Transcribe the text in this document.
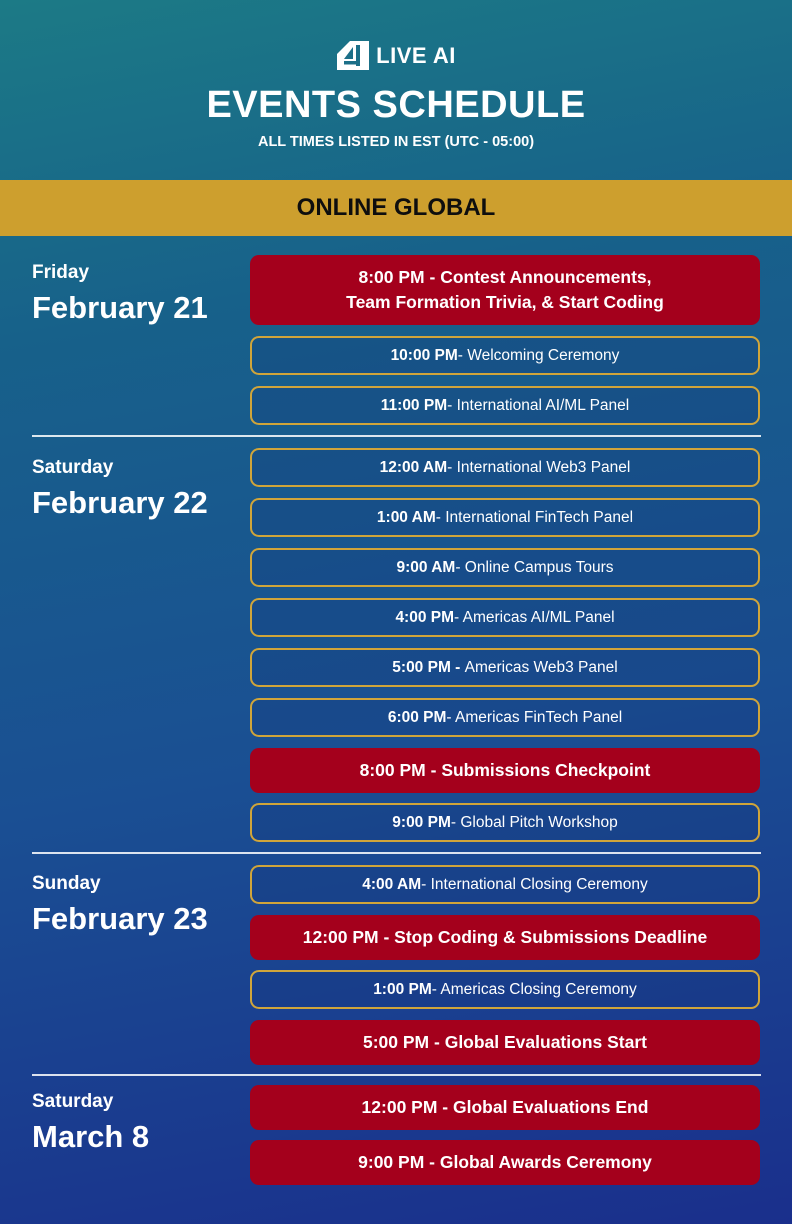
LIVE AI
EVENTS SCHEDULE
ALL TIMES LISTED IN EST (UTC - 05:00)
ONLINE GLOBAL
Friday
February 21
8:00 PM - Contest Announcements,
Team Formation Trivia, & Start Coding
10:00 PM - Welcoming Ceremony
11:00 PM - International AI/ML Panel
Saturday
February 22
12:00 AM - International Web3 Panel
1:00 AM - International FinTech Panel
9:00 AM - Online Campus Tours
4:00 PM - Americas AI/ML Panel
5:00 PM - Americas Web3 Panel
6:00 PM - Americas FinTech Panel
8:00 PM - Submissions Checkpoint
9:00 PM - Global Pitch Workshop
Sunday
February 23
4:00 AM - International Closing Ceremony
12:00 PM - Stop Coding & Submissions Deadline
1:00 PM - Americas Closing Ceremony
5:00 PM - Global Evaluations Start
Saturday
March 8
12:00 PM - Global Evaluations End
9:00 PM - Global Awards Ceremony
